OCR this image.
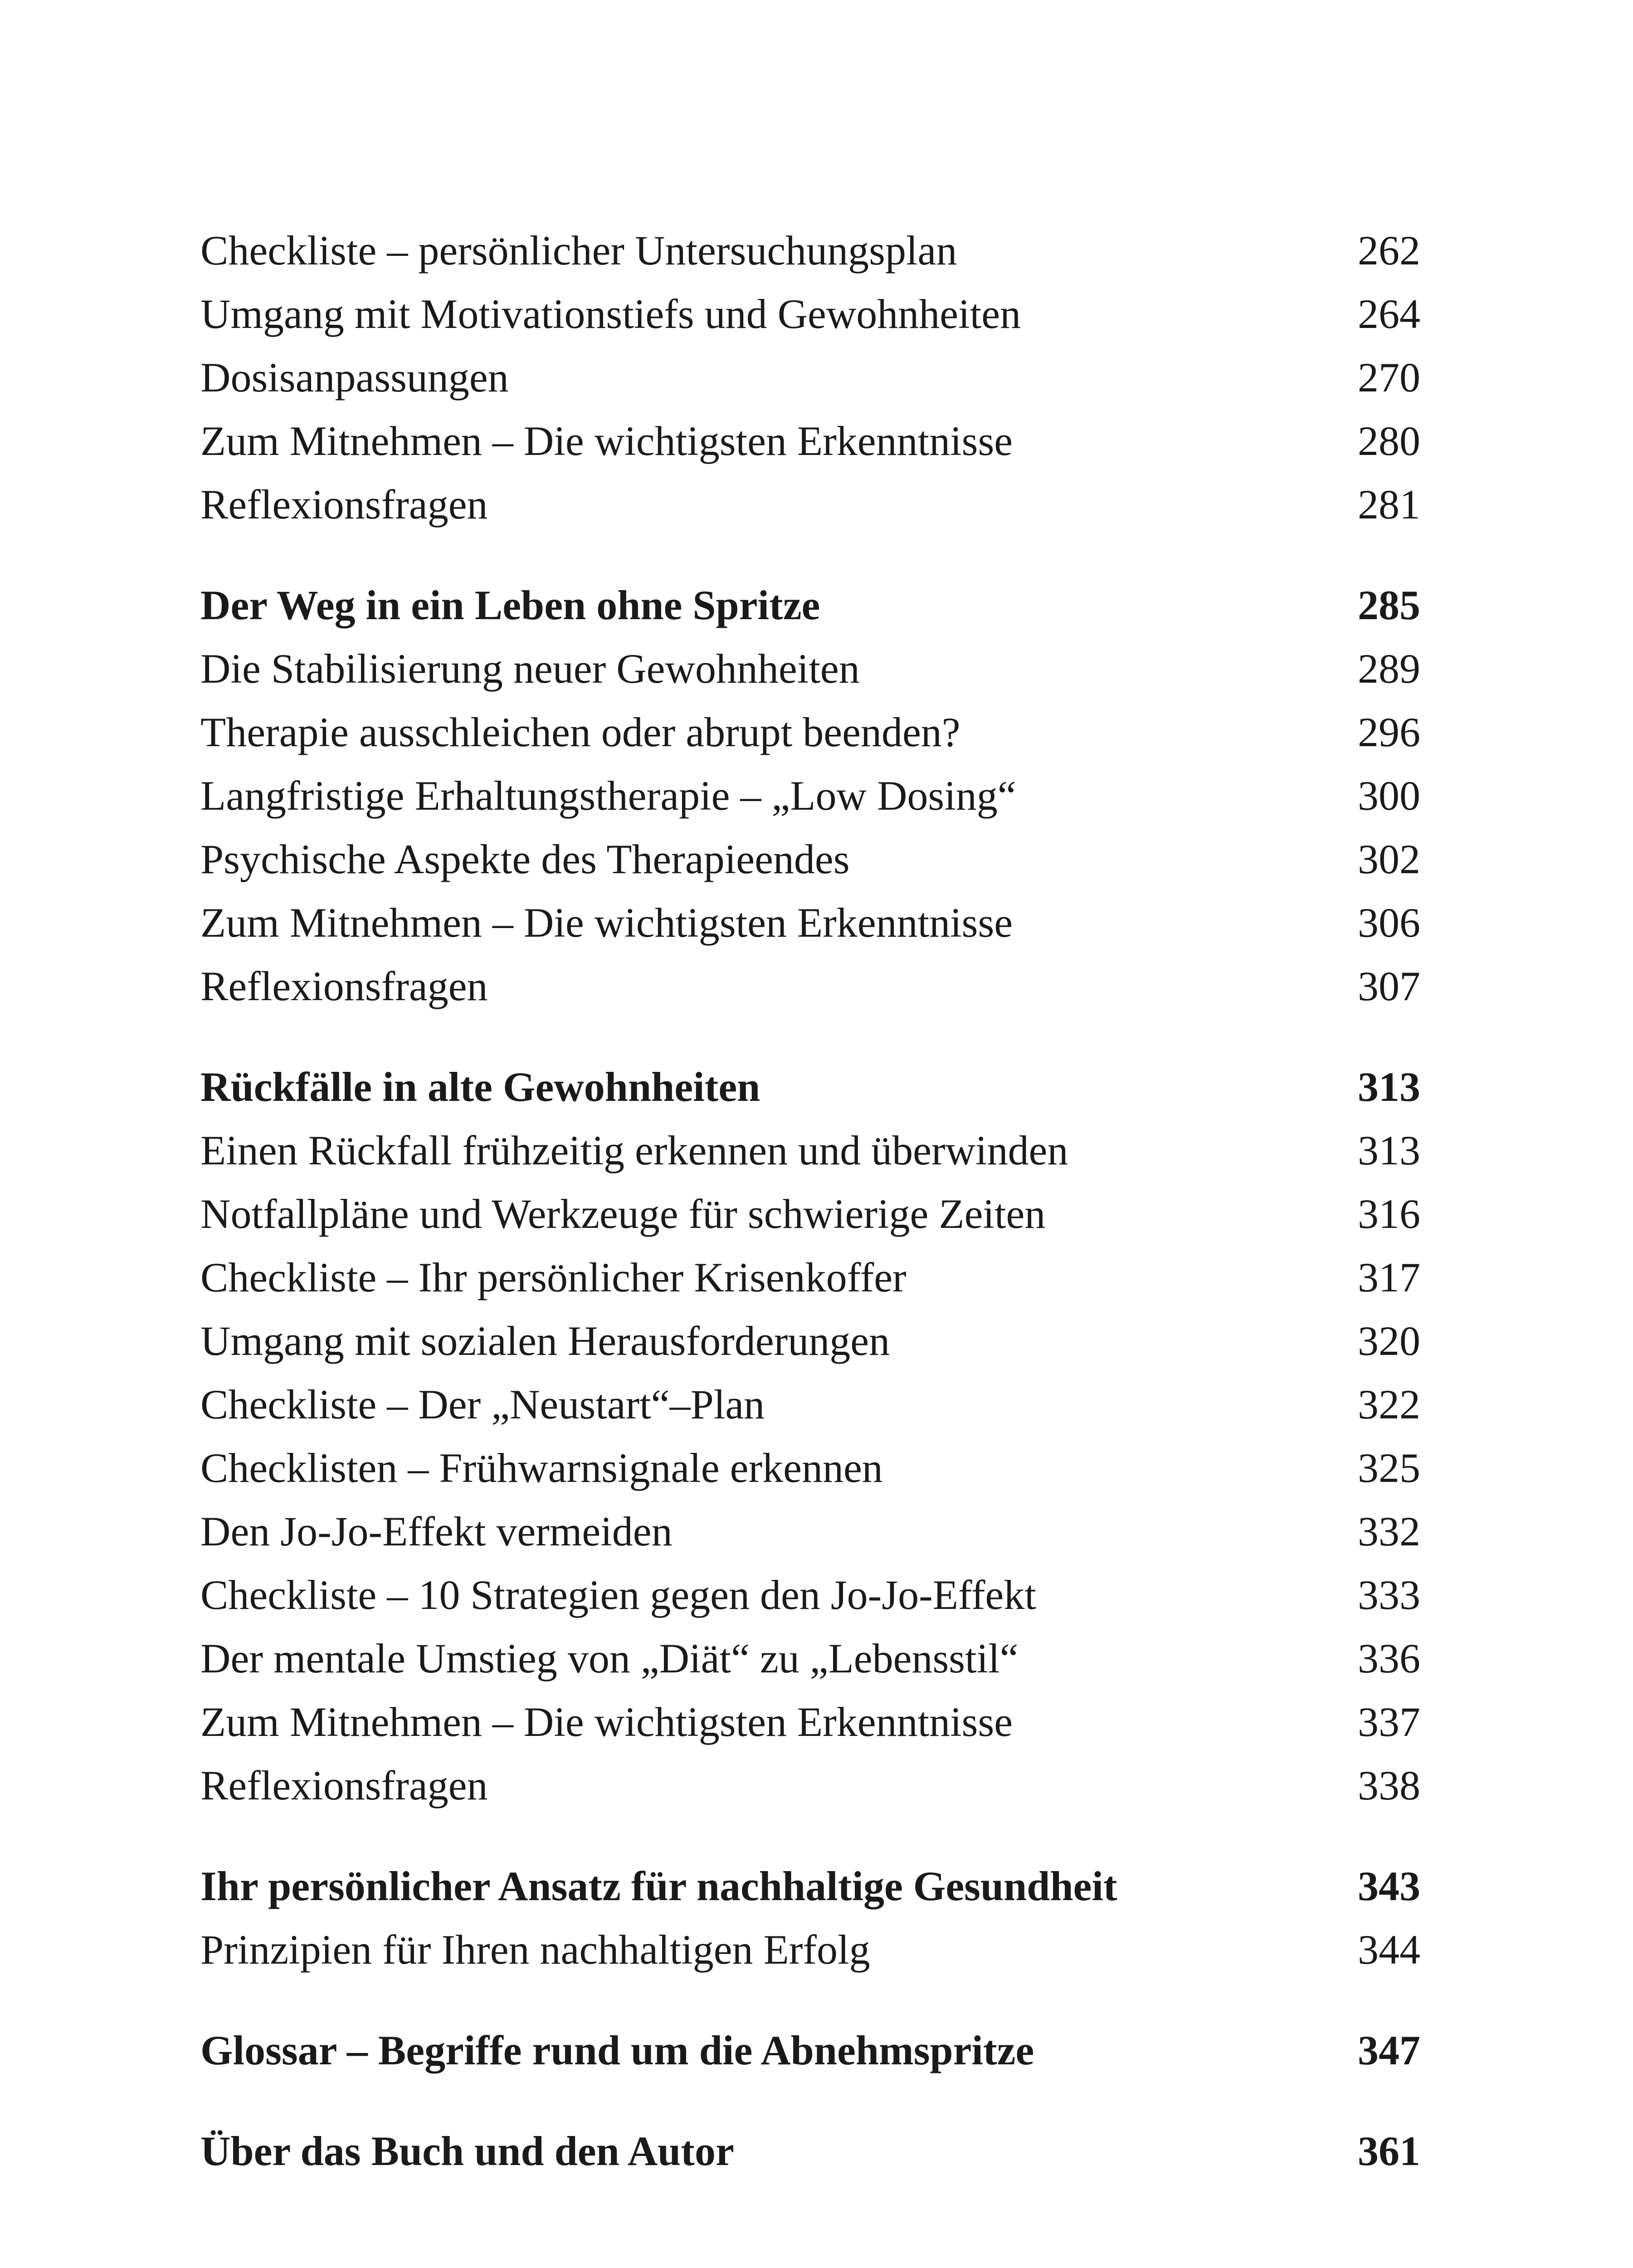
Checkliste – persönlicher Untersuchungsplan	262
Umgang mit Motivationstiefs und Gewohnheiten	264
Dosisanpassungen	270
Zum Mitnehmen – Die wichtigsten Erkenntnisse	280
Reflexionsfragen	281
Der Weg in ein Leben ohne Spritze	285
Die Stabilisierung neuer Gewohnheiten	289
Therapie ausschleichen oder abrupt beenden?	296
Langfristige Erhaltungstherapie – „Low Dosing“	300
Psychische Aspekte des Therapieendes	302
Zum Mitnehmen – Die wichtigsten Erkenntnisse	306
Reflexionsfragen	307
Rückfälle in alte Gewohnheiten	313
Einen Rückfall frühzeitig erkennen und überwinden	313
Notfallpläne und Werkzeuge für schwierige Zeiten	316
Checkliste – Ihr persönlicher Krisenkoffer	317
Umgang mit sozialen Herausforderungen	320
Checkliste – Der „Neustart“–Plan	322
Checklisten – Frühwarnsignale erkennen	325
Den Jo-Jo-Effekt vermeiden	332
Checkliste – 10 Strategien gegen den Jo-Jo-Effekt	333
Der mentale Umstieg von „Diät“ zu „Lebensstil“	336
Zum Mitnehmen – Die wichtigsten Erkenntnisse	337
Reflexionsfragen	338
Ihr persönlicher Ansatz für nachhaltige Gesundheit	343
Prinzipien für Ihren nachhaltigen Erfolg	344
Glossar – Begriffe rund um die Abnehmspritze	347
Über das Buch und den Autor	361
